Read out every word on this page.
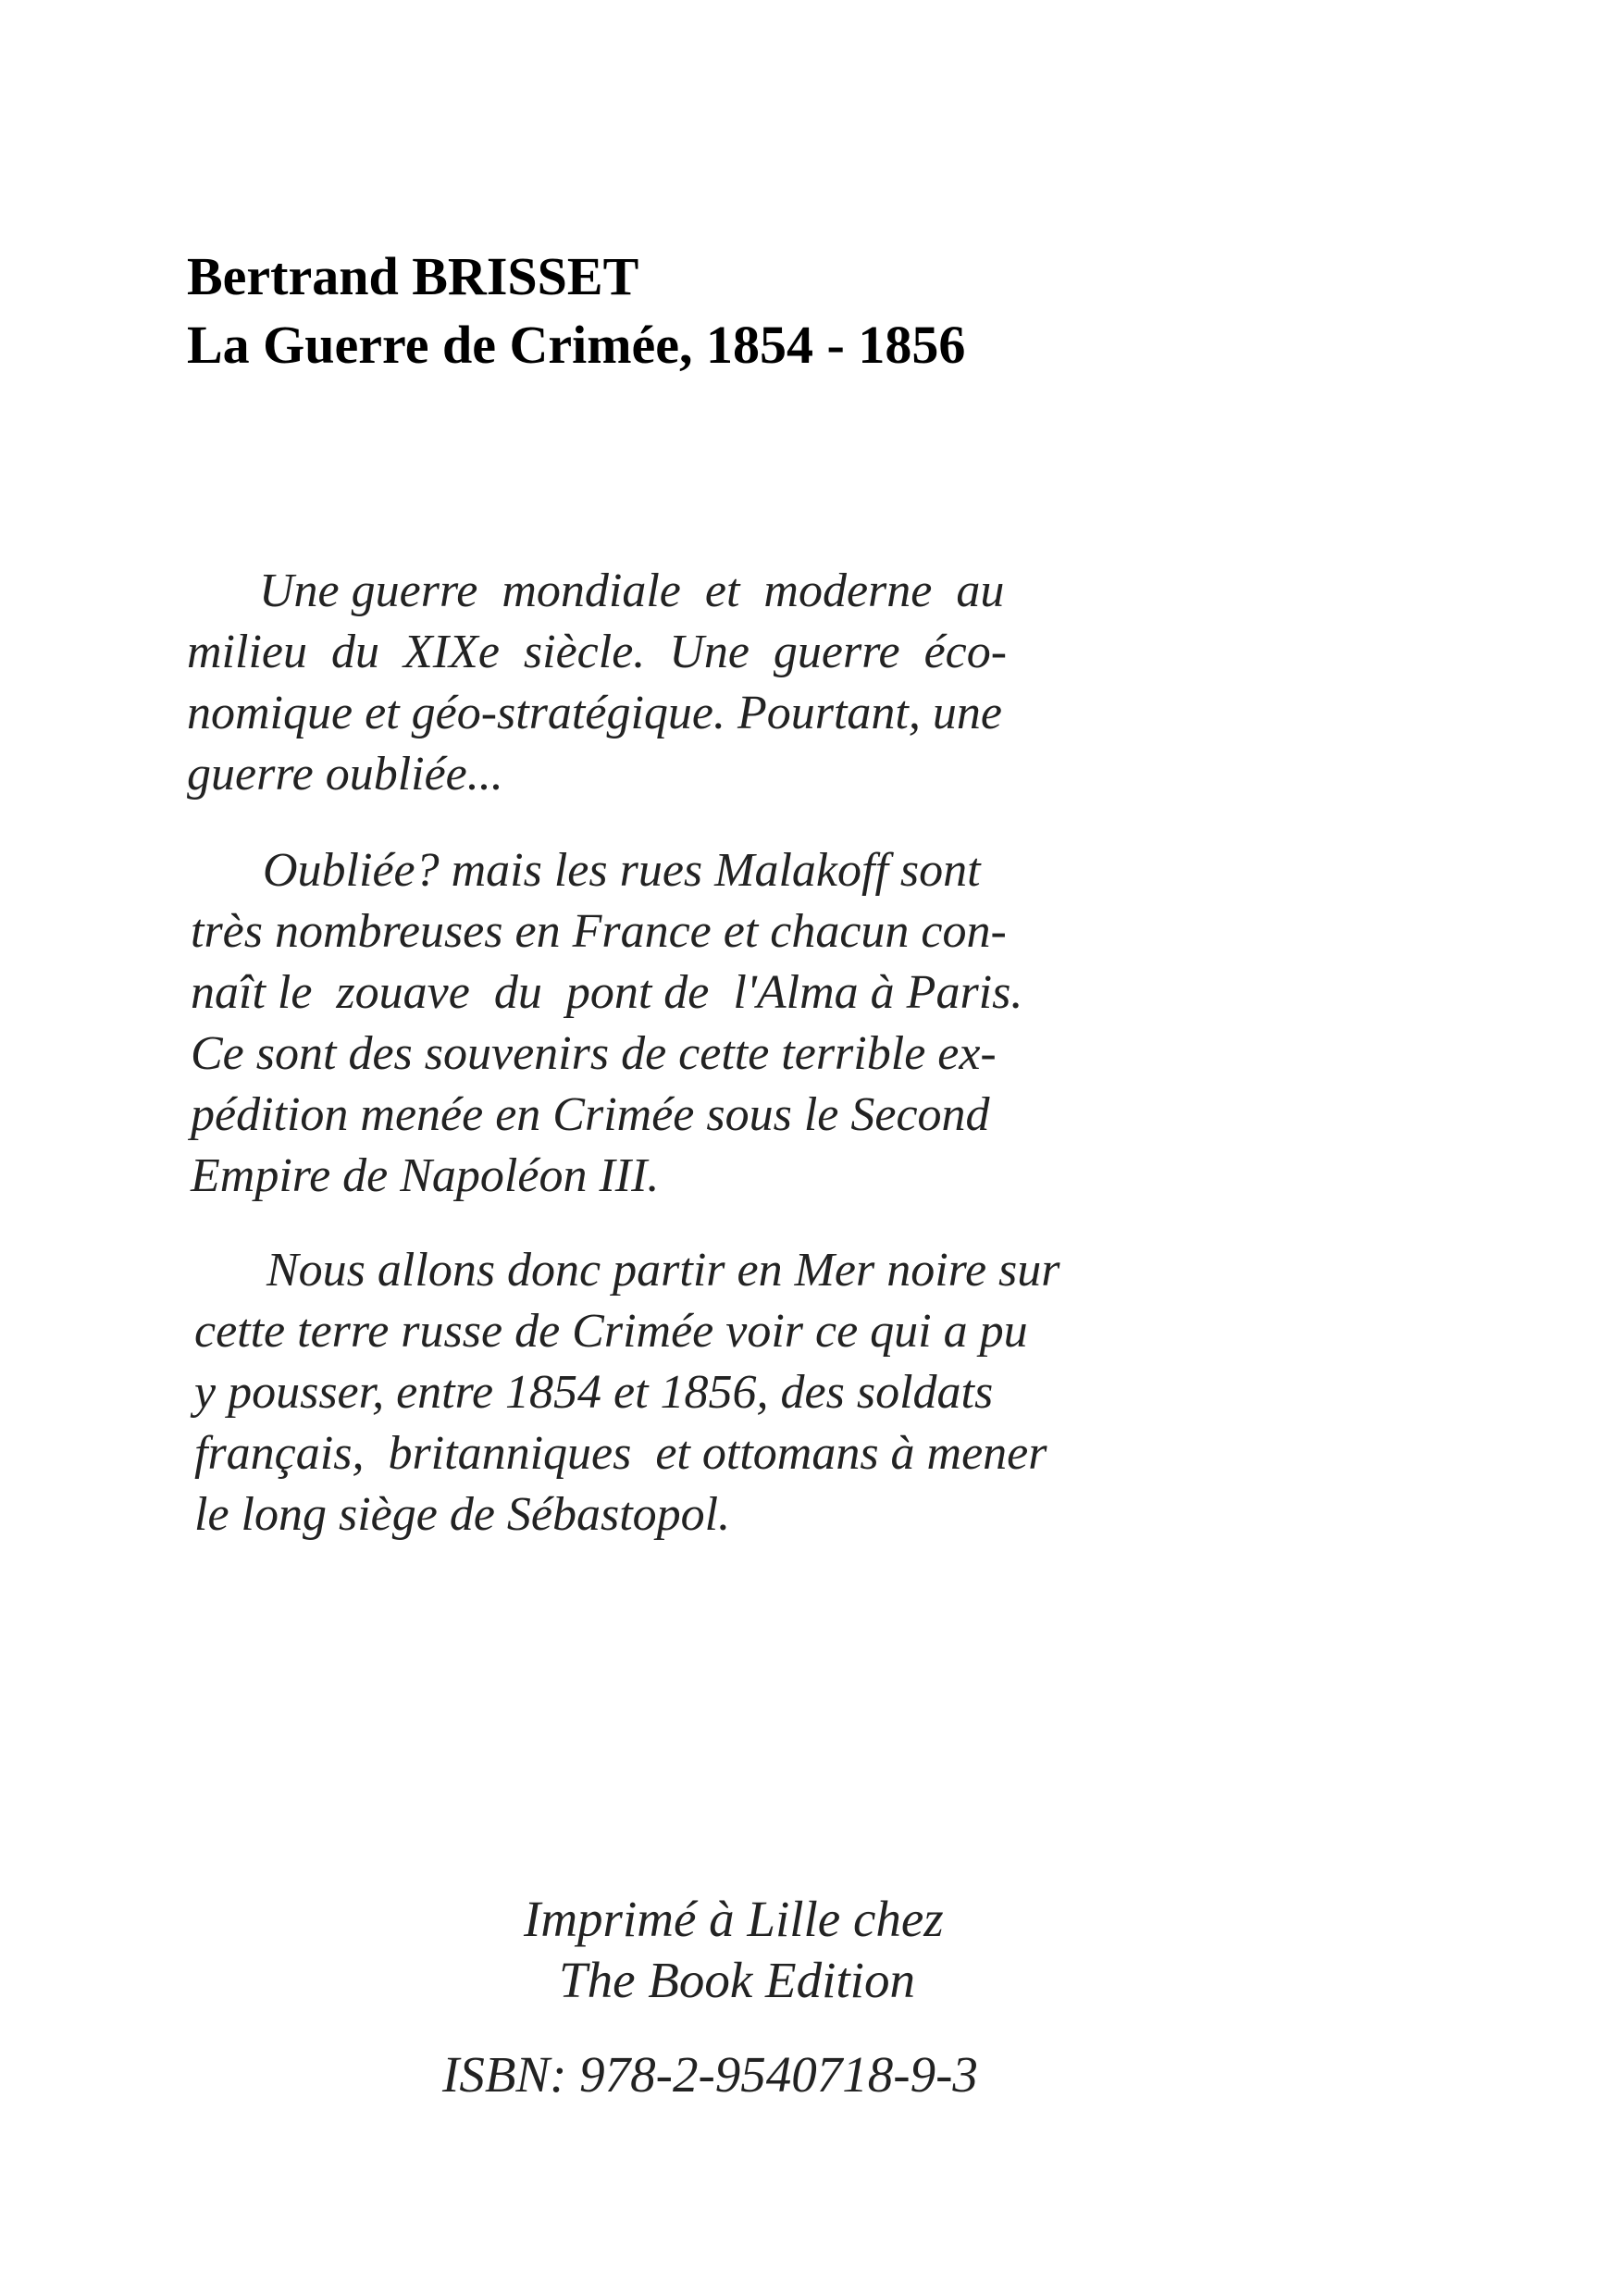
Bertrand BRISSET
La Guerre de Crimée, 1854 - 1856
Une guerre  mondiale  et  moderne  au
milieu  du  XIXe  siècle.  Une  guerre  éco-
nomique et géo-stratégique. Pourtant, une
guerre oubliée...
Oubliée? mais les rues Malakoff sont
très nombreuses en France et chacun con-
naît le  zouave  du  pont de  l'Alma à Paris.
Ce sont des souvenirs de cette terrible ex-
pédition menée en Crimée sous le Second
Empire de Napoléon III.
Nous allons donc partir en Mer noire sur
cette terre russe de Crimée voir ce qui a pu
y pousser, entre 1854 et 1856, des soldats
français,  britanniques  et ottomans à mener
le long siège de Sébastopol.
Imprimé à Lille chez
The Book Edition
ISBN: 978-2-9540718-9-3
